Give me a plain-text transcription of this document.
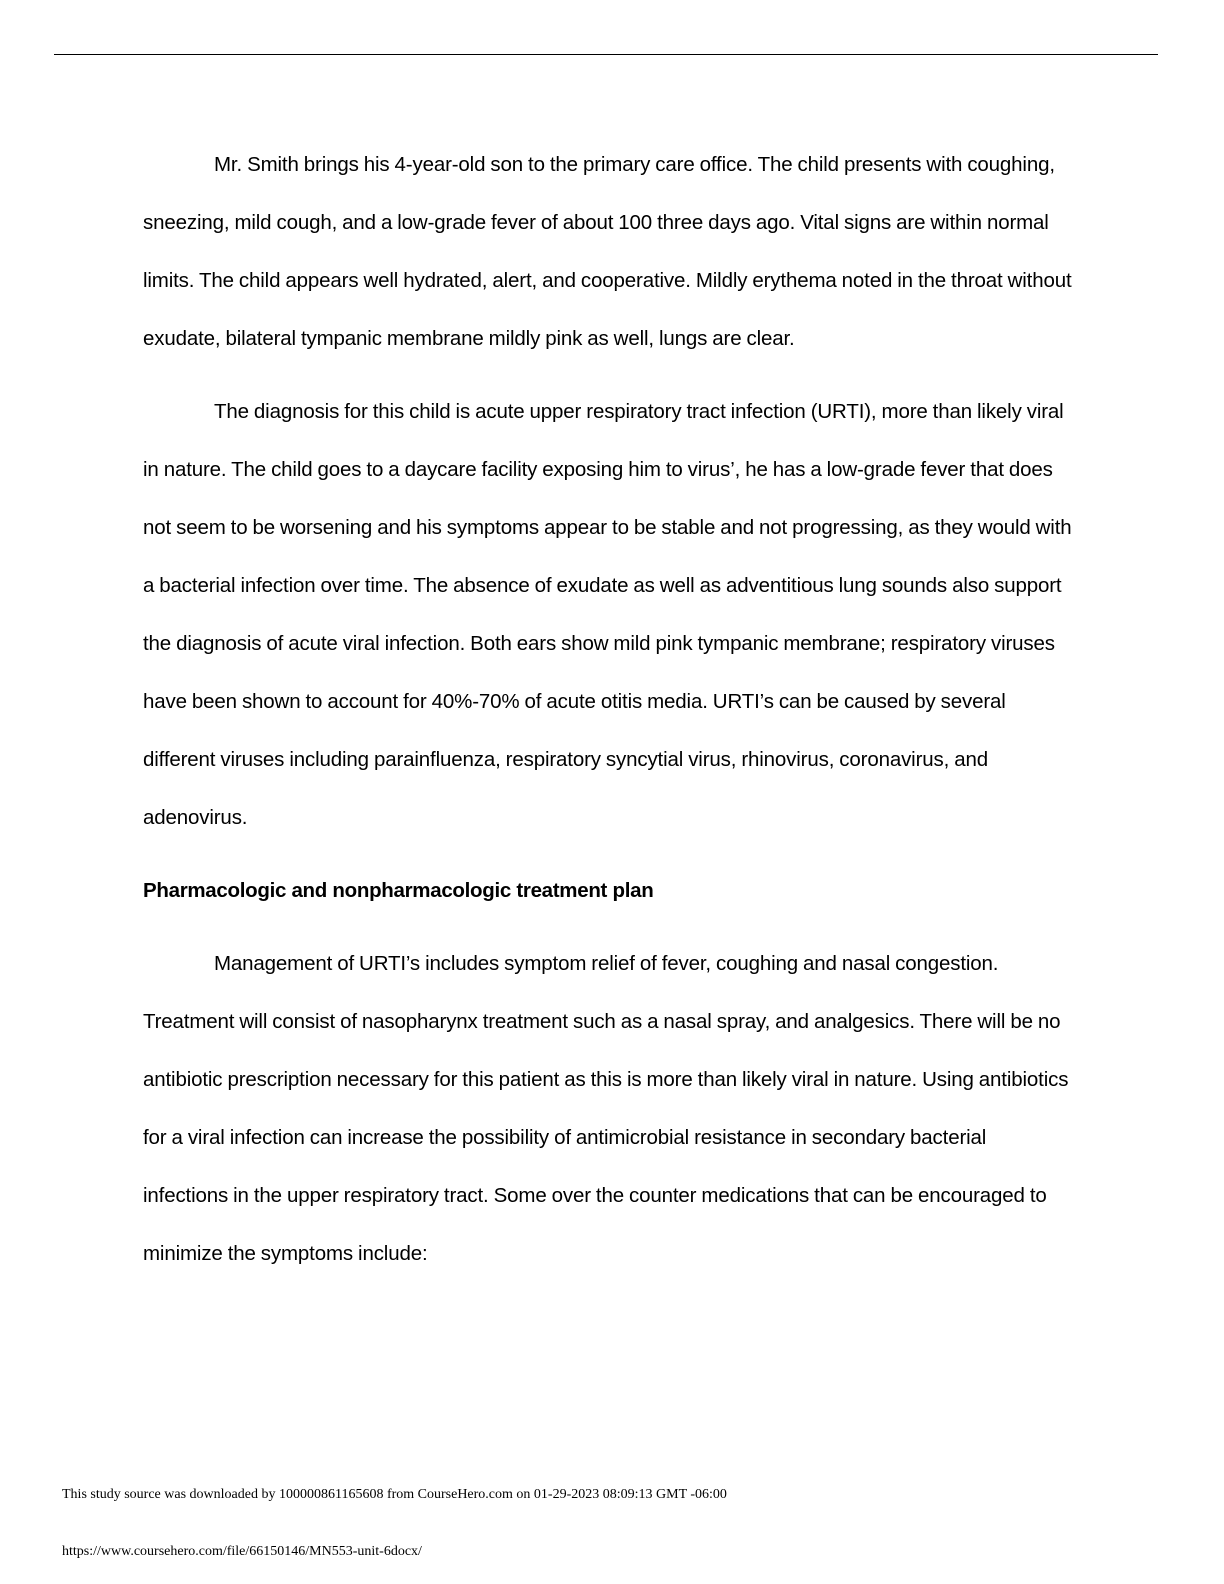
Mr. Smith brings his 4-year-old son to the primary care office. The child presents with coughing, sneezing, mild cough, and a low-grade fever of about 100 three days ago. Vital signs are within normal limits. The child appears well hydrated, alert, and cooperative. Mildly erythema noted in the throat without exudate, bilateral tympanic membrane mildly pink as well, lungs are clear.

The diagnosis for this child is acute upper respiratory tract infection (URTI), more than likely viral in nature. The child goes to a daycare facility exposing him to virus’, he has a low-grade fever that does not seem to be worsening and his symptoms appear to be stable and not progressing, as they would with a bacterial infection over time. The absence of exudate as well as adventitious lung sounds also support the diagnosis of acute viral infection. Both ears show mild pink tympanic membrane; respiratory viruses have been shown to account for 40%-70% of acute otitis media. URTI’s can be caused by several different viruses including parainfluenza, respiratory syncytial virus, rhinovirus, coronavirus, and adenovirus.

Pharmacologic and nonpharmacologic treatment plan

Management of URTI’s includes symptom relief of fever, coughing and nasal congestion. Treatment will consist of nasopharynx treatment such as a nasal spray, and analgesics. There will be no antibiotic prescription necessary for this patient as this is more than likely viral in nature. Using antibiotics for a viral infection can increase the possibility of antimicrobial resistance in secondary bacterial infections in the upper respiratory tract. Some over the counter medications that can be encouraged to minimize the symptoms include:

This study source was downloaded by 100000861165608 from CourseHero.com on 01-29-2023 08:09:13 GMT -06:00

https://www.coursehero.com/file/66150146/MN553-unit-6docx/
